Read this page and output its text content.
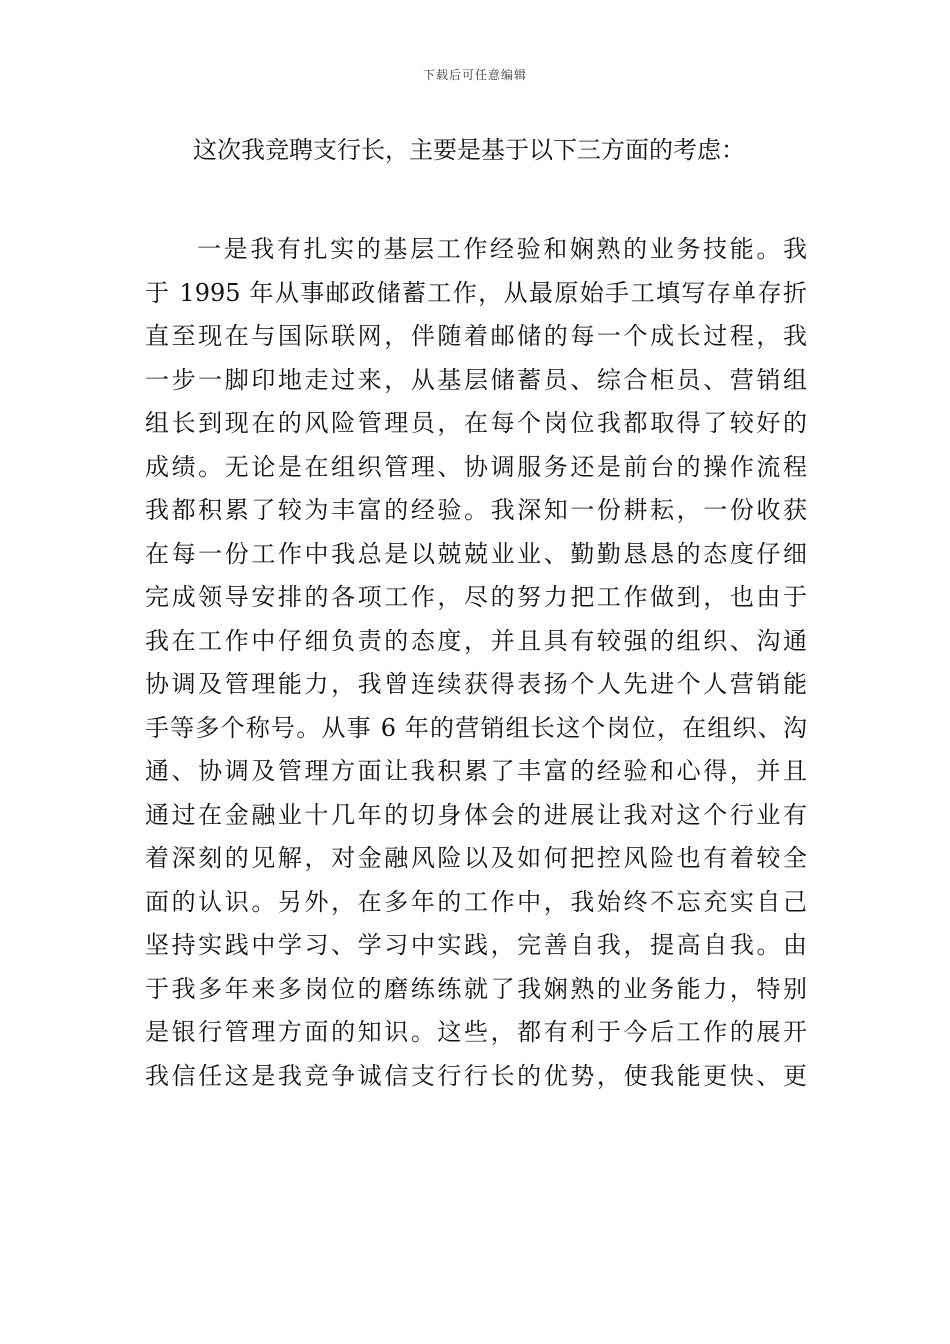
下载后可任意编辑
这次我竞聘支行长，主要是基于以下三方面的考虑：
一是我有扎实的基层工作经验和娴熟的业务技能。我
于 1995 年从事邮政储蓄工作，从最原始手工填写存单存折
直至现在与国际联网，伴随着邮储的每一个成长过程，我
一步一脚印地走过来，从基层储蓄员、综合柜员、营销组
组长到现在的风险管理员，在每个岗位我都取得了较好的
成绩。无论是在组织管理、协调服务还是前台的操作流程
我都积累了较为丰富的经验。我深知一份耕耘，一份收获
在每一份工作中我总是以兢兢业业、勤勤恳恳的态度仔细
完成领导安排的各项工作，尽的努力把工作做到，也由于
我在工作中仔细负责的态度，并且具有较强的组织、沟通
协调及管理能力，我曾连续获得表扬个人先进个人营销能
手等多个称号。从事 6 年的营销组长这个岗位，在组织、沟
通、协调及管理方面让我积累了丰富的经验和心得，并且
通过在金融业十几年的切身体会的进展让我对这个行业有
着深刻的见解，对金融风险以及如何把控风险也有着较全
面的认识。另外，在多年的工作中，我始终不忘充实自己
坚持实践中学习、学习中实践，完善自我，提高自我。由
于我多年来多岗位的磨练练就了我娴熟的业务能力，特别
是银行管理方面的知识。这些，都有利于今后工作的展开
我信任这是我竞争诚信支行行长的优势，使我能更快、更
